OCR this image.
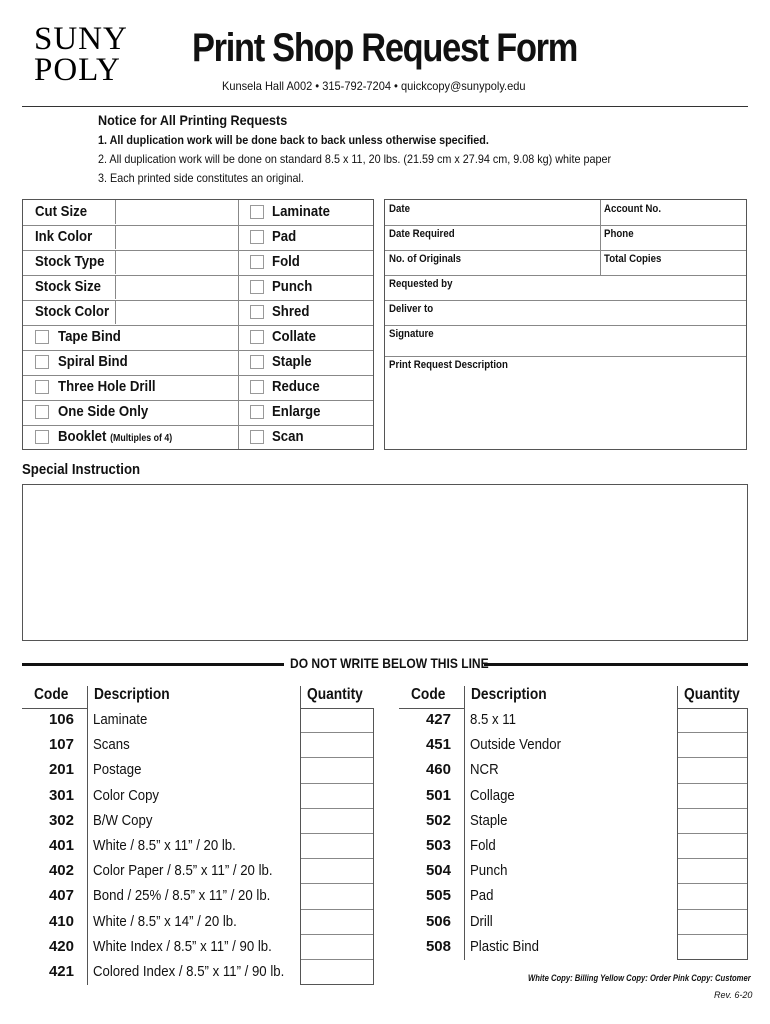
SUNY
POLY	Print Shop Request Form
Kunsela Hall A002 • 315-792-7204 • quickcopy@sunypoly.edu
Notice for All Printing Requests
1. All duplication work will be done back to back unless otherwise specified.
2. All duplication work will be done on standard 8.5 x 11, 20 lbs. (21.59 cm x 27.94 cm, 9.08 kg) white paper
3. Each printed side constitutes an original.
Cut Size	Laminate
Ink Color	Pad
Stock Type	Fold
Stock Size	Punch
Stock Color	Shred
Tape Bind	Collate
Spiral Bind	Staple
Three Hole Drill	Reduce
One Side Only	Enlarge
Booklet (Multiples of 4)	Scan
Date	Account No.
Date Required	Phone
No. of Originals	Total Copies
Requested by
Deliver to
Signature
Print Request Description
Special Instruction
DO NOT WRITE BELOW THIS LINE
Code Description	Quantity
106 Laminate
107 Scans
201 Postage
301 Color Copy
302 B/W Copy
401 White / 8.5” x 11” / 20 lb.
402 Color Paper / 8.5” x 11” / 20 lb.
407 Bond / 25% / 8.5” x 11” / 20 lb.
410 White / 8.5” x 14” / 20 lb.
420 White Index / 8.5” x 11” / 90 lb.
421 Colored Index / 8.5” x 11” / 90 lb.
Code Description	Quantity
427 8.5 x 11
451 Outside Vendor
460 NCR
501 Collage
502 Staple
503 Fold
504 Punch
505 Pad
506 Drill
508 Plastic Bind
White Copy: Billing Yellow Copy: Order Pink Copy: Customer
Rev. 6-20
